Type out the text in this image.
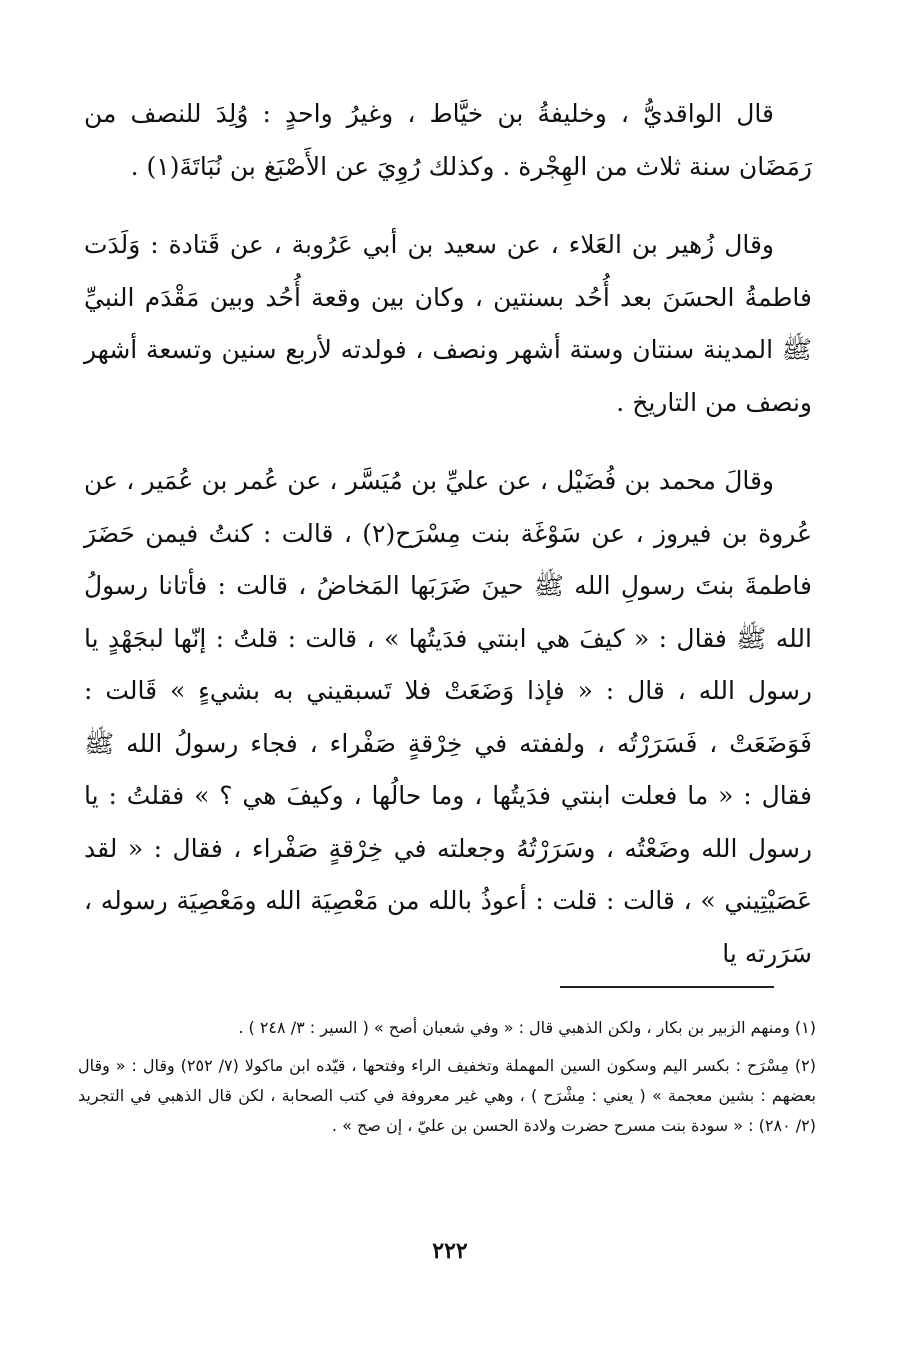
قال الواقديُّ ، وخليفةُ بن خيَّاط ، وغيرُ واحدٍ : وُلِدَ للنصف من رَمَضَان سنة ثلاث من الهِجْرة . وكذلك رُوِيَ عن الأَصْبَغ بن نُبَاتَةَ(١) .

وقال زُهير بن العَلاء ، عن سعيد بن أبي عَرُوبة ، عن قَتادة : وَلَدَت فاطمةُ الحسَنَ بعد أُحُد بسنتين ، وكان بين وقعة أُحُد وبين مَقْدَم النبيِّ ﷺ المدينة سنتان وستة أشهر ونصف ، فولدته لأربع سنين وتسعة أشهر ونصف من التاريخ .

وقالَ محمد بن فُضَيْل ، عن عليِّ بن مُيَسَّر ، عن عُمر بن عُمَير ، عن عُروة بن فيروز ، عن سَوْغَة بنت مِسْرَح(٢) ، قالت : كنتُ فيمن حَضَرَ فاطمةَ بنتَ رسولِ الله ﷺ حينَ ضَرَبَها المَخاضُ ، قالت : فأتانا رسولُ الله ﷺ فقال : « كيفَ هي ابنتي فدَيتُها » ، قالت : قلتُ : إنّها لبجَهْدٍ يا رسول الله ، قال : « فإذا وَضَعَتْ فلا تَسبقيني به بشيءٍ » قَالت : فَوَضَعَتْ ، فَسَرَرْتُه ، ولففته في خِرْقةٍ صَفْراء ، فجاء رسولُ الله ﷺ فقال : « ما فعلت ابنتي فدَيتُها ، وما حالُها ، وكيفَ هي ؟ » فقلتُ : يا رسول الله وضَعْتُه ، وسَرَرْتُهُ وجعلته في خِرْقةٍ صَفْراء ، فقال : « لقد عَصَيْتِيني » ، قالت : قلت : أعوذُ بالله من مَعْصِيَة الله ومَعْصِيَة رسوله ، سَرَرته يا

(١) ومنهم الزبير بن بكار ، ولكن الذهبي قال : « وفي شعبان أصح » ( السير : ٣/ ٢٤٨ ) .

(٢) مِسْرَح : بكسر اليم وسكون السين المهملة وتخفيف الراء وفتحها ، قيّده ابن ماكولا (٧/ ٢٥٢) وقال : « وقال بعضهم : بشين معجمة » ( يعني : مِشْرَح ) ، وهي غير معروفة في كتب الصحابة ، لكن قال الذهبي في التجريد (٢/ ٢٨٠) : « سودة بنت مسرح حضرت ولادة الحسن بن عليّ ، إن صح » .

٢٢٢
